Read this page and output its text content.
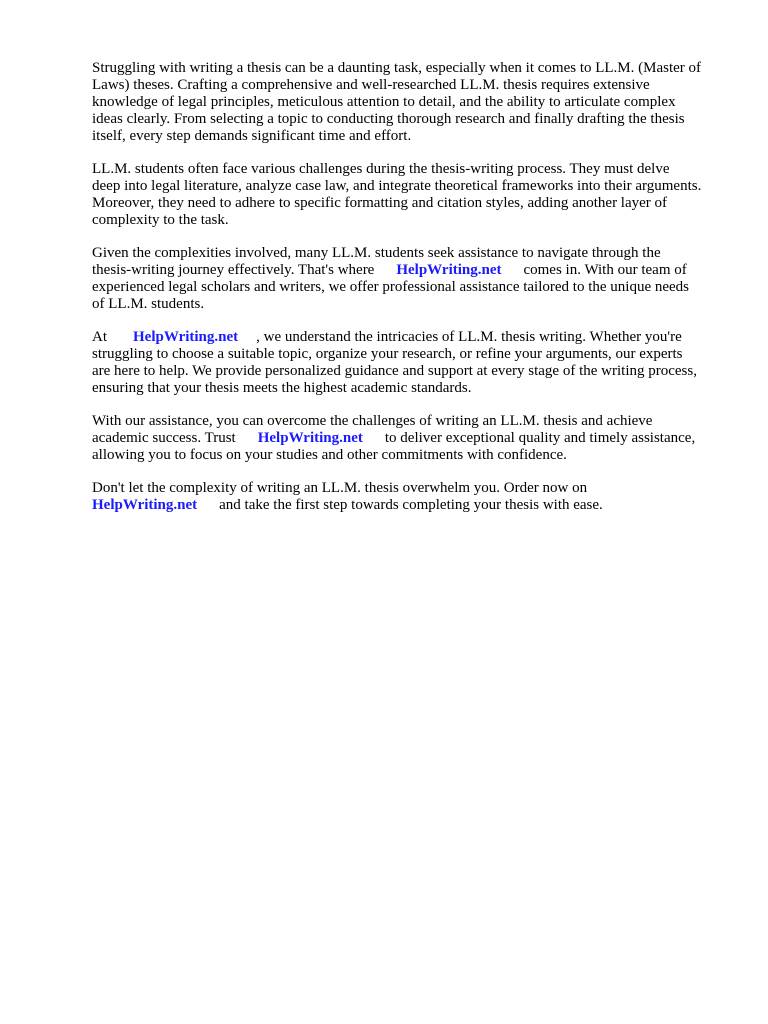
Struggling with writing a thesis can be a daunting task, especially when it comes to LL.M. (Master of
Laws) theses. Crafting a comprehensive and well-researched LL.M. thesis requires extensive
knowledge of legal principles, meticulous attention to detail, and the ability to articulate complex
ideas clearly. From selecting a topic to conducting thorough research and finally drafting the thesis
itself, every step demands significant time and effort.

LL.M. students often face various challenges during the thesis-writing process. They must delve
deep into legal literature, analyze case law, and integrate theoretical frameworks into their arguments.
Moreover, they need to adhere to specific formatting and citation styles, adding another layer of
complexity to the task.

Given the complexities involved, many LL.M. students seek assistance to navigate through the
thesis-writing journey effectively. That's where HelpWriting.net comes in. With our team of
experienced legal scholars and writers, we offer professional assistance tailored to the unique needs
of LL.M. students.

At HelpWriting.net , we understand the intricacies of LL.M. thesis writing. Whether you're
struggling to choose a suitable topic, organize your research, or refine your arguments, our experts
are here to help. We provide personalized guidance and support at every stage of the writing process,
ensuring that your thesis meets the highest academic standards.

With our assistance, you can overcome the challenges of writing an LL.M. thesis and achieve
academic success. Trust HelpWriting.net to deliver exceptional quality and timely assistance,
allowing you to focus on your studies and other commitments with confidence.

Don't let the complexity of writing an LL.M. thesis overwhelm you. Order now on
HelpWriting.net and take the first step towards completing your thesis with ease.
